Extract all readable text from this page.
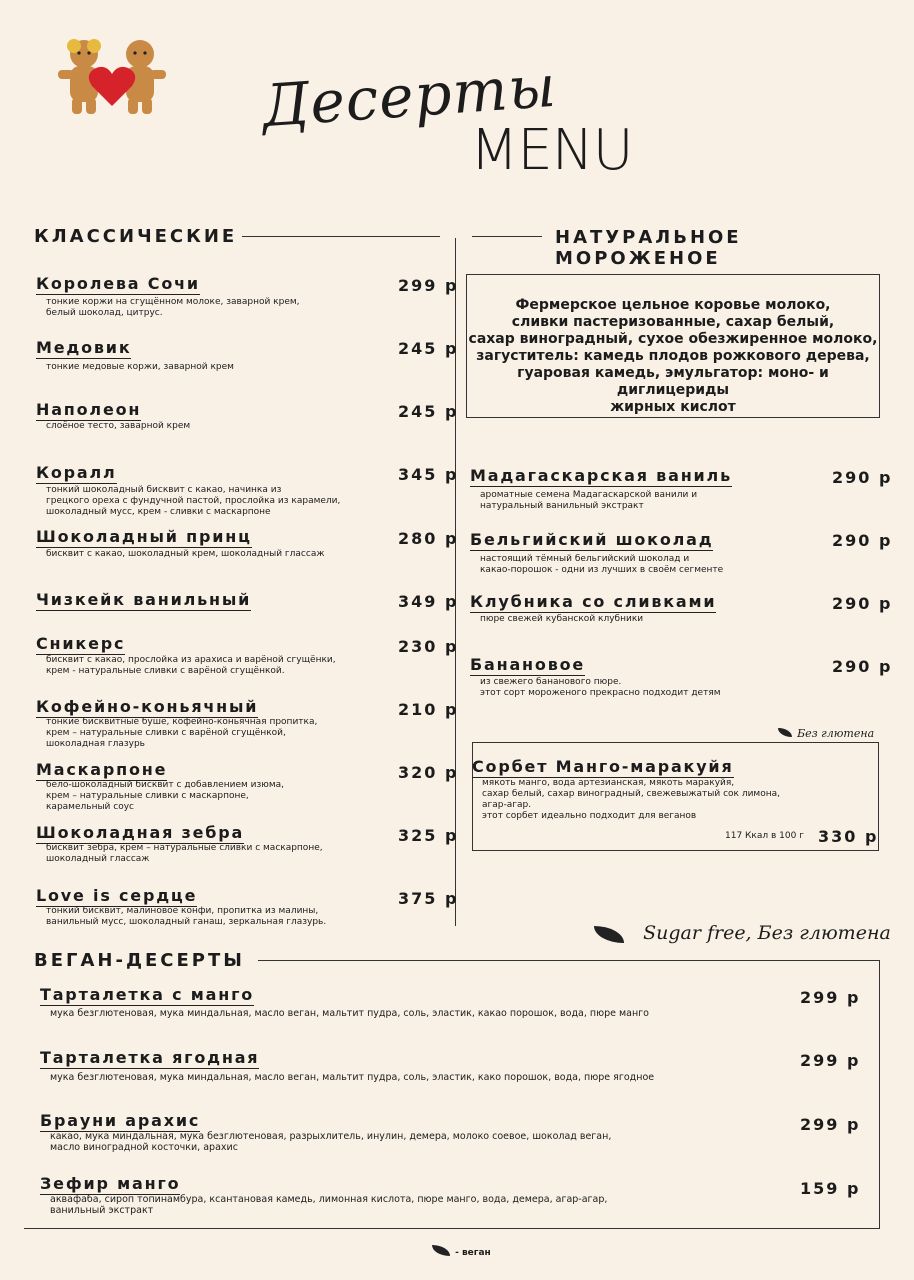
Десерты
MENU
КЛАССИЧЕСКИЕ	НАТУРАЛЬНОЕ МОРОЖЕНОЕ
Королева Сочи	299 р
тонкие коржи на сгущённом молоке, заварной крем,
белый шоколад, цитрус.
Медовик	245 р
тонкие медовые коржи, заварной крем
Наполеон	245 р
слоёное тесто, заварной крем
Коралл	345 р
тонкий шоколадный бисквит с какао, начинка из
грецкого ореха с фундучной пастой, прослойка из карамели,
шоколадный мусс, крем - сливки с маскарпоне
Шоколадный принц	280 р
бисквит с какао, шоколадный крем, шоколадный глассаж
Чизкейк ванильный	349 р
Сникерс	230 р
бисквит с какао, прослойка из арахиса и варёной сгущёнки,
крем - натуральные сливки с варёной сгущёнкой.
Кофейно-коньячный	210 р
тонкие бисквитные буше, кофейно-коньячная пропитка,
крем – натуральные сливки с варёной сгущёнкой,
шоколадная глазурь
Маскарпоне	320 р
бело-шоколадный бисквит с добавлением изюма,
крем – натуральные сливки с маскарпоне,
карамельный соус
Шоколадная зебра	325 р
бисквит зебра, крем – натуральные сливки с маскарпоне,
шоколадный глассаж
Love is сердце	375 р
тонкий бисквит, малиновое конфи, пропитка из малины,
ванильный мусс, шоколадный ганаш, зеркальная глазурь.
Фермерское цельное коровье молоко,
сливки пастеризованные, сахар белый,
сахар виноградный, сухое обезжиренное молоко,
загуститель: камедь плодов рожкового дерева,
гуаровая камедь, эмульгатор: моно- и диглицериды
жирных кислот
Мадагаскарская ваниль	290 р
ароматные семена Мадагаскарской ванили и
натуральный ванильный экстракт
Бельгийский шоколад	290 р
настоящий тёмный бельгийский шоколад и
какао-порошок - одни из лучших в своём сегменте
Клубника со сливками	290 р
пюре свежей кубанской клубники
Банановое	290 р
из свежего бананового пюре.
этот сорт мороженого прекрасно подходит детям
Без глютена
Сорбет Манго-маракуйя
мякоть манго, вода артезианская, мякоть маракуйя,
сахар белый, сахар виноградный, свежевыжатый сок лимона,
агар-агар.
этот сорбет идеально подходит для веганов
117 Ккал в 100 г 330 р
Sugar free, Без глютена
ВЕГАН-ДЕСЕРТЫ
Тарталетка с манго	299 р
мука безглютеновая, мука миндальная, масло веган, мальтит пудра, соль, эластик, какао порошок, вода, пюре манго
Тарталетка ягодная	299 р
мука безглютеновая, мука миндальная, масло веган, мальтит пудра, соль, эластик, како порошок, вода, пюре ягодное
Брауни арахис	299 р
какао, мука миндальная, мука безглютеновая, разрыхлитель, инулин, демера, молоко соевое, шоколад веган,
масло виноградной косточки, арахис
Зефир манго	159 р
аквафаба, сироп топинамбура, ксантановая камедь, лимонная кислота, пюре манго, вода, демера, агар-агар,
ванильный экстракт
- веган
